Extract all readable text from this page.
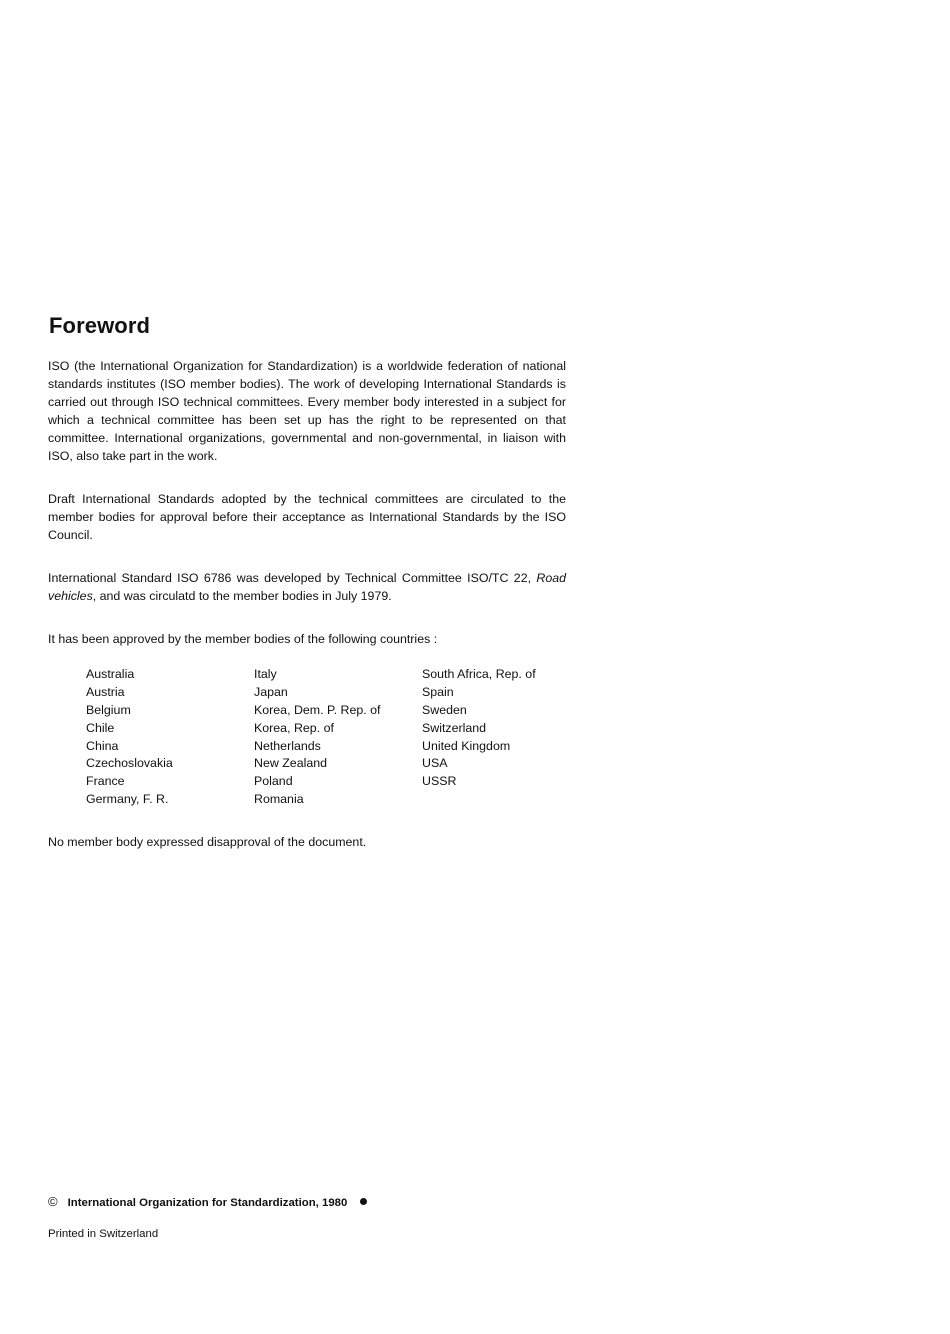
Foreword

ISO (the International Organization for Standardization) is a worldwide federation of national standards institutes (ISO member bodies). The work of developing International Standards is carried out through ISO technical committees. Every member body interested in a subject for which a technical committee has been set up has the right to be represented on that committee. International organizations, governmental and non-governmental, in liaison with ISO, also take part in the work.

Draft International Standards adopted by the technical committees are circulated to the member bodies for approval before their acceptance as International Standards by the ISO Council.

International Standard ISO 6786 was developed by Technical Committee ISO/TC 22, Road vehicles, and was circulatd to the member bodies in July 1979.

It has been approved by the member bodies of the following countries :

Australia
Austria
Belgium
Chile
China
Czechoslovakia
France
Germany, F. R.
Italy
Japan
Korea, Dem. P. Rep. of
Korea, Rep. of
Netherlands
New Zealand
Poland
Romania
South Africa, Rep. of
Spain
Sweden
Switzerland
United Kingdom
USA
USSR

No member body expressed disapproval of the document.

© International Organization for Standardization, 1980
Printed in Switzerland
